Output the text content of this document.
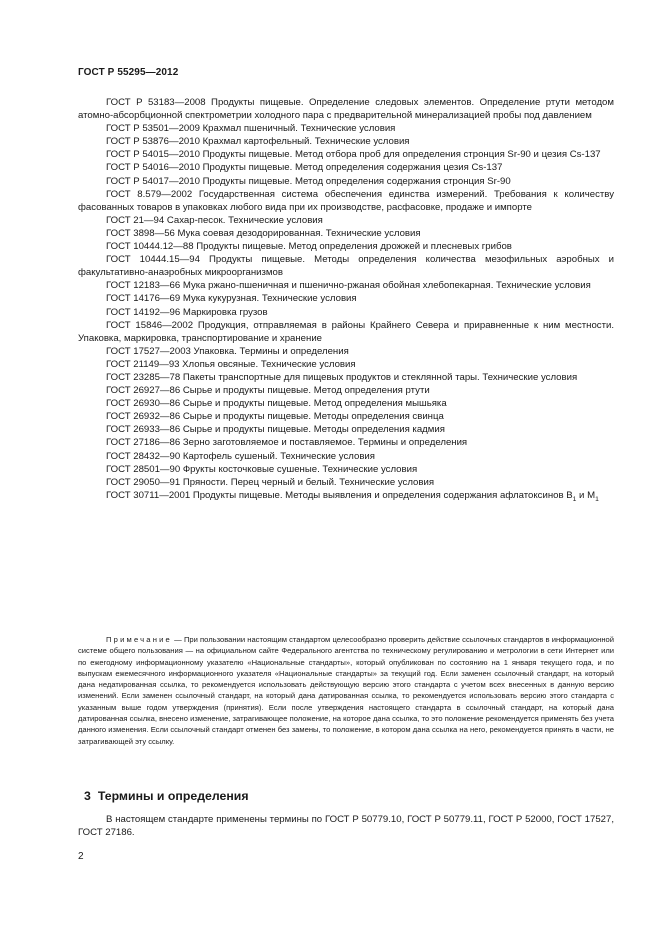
ГОСТ Р 55295—2012

ГОСТ Р 53183—2008 Продукты пищевые. Определение следовых элементов. Определение ртути методом атомно-абсорбционной спектрометрии холодного пара с предварительной минерализацией пробы под давлением

ГОСТ Р 53501—2009 Крахмал пшеничный. Технические условия

ГОСТ Р 53876—2010 Крахмал картофельный. Технические условия

ГОСТ Р 54015—2010 Продукты пищевые. Метод отбора проб для определения стронция Sr-90 и цезия Cs-137

ГОСТ Р 54016—2010 Продукты пищевые. Метод определения содержания цезия Cs-137

ГОСТ Р 54017—2010 Продукты пищевые. Метод определения содержания стронция Sr-90

ГОСТ 8.579—2002 Государственная система обеспечения единства измерений. Требования к количеству фасованных товаров в упаковках любого вида при их производстве, расфасовке, продаже и импорте

ГОСТ 21—94 Сахар-песок. Технические условия

ГОСТ 3898—56 Мука соевая дезодорированная. Технические условия

ГОСТ 10444.12—88 Продукты пищевые. Метод определения дрожжей и плесневых грибов

ГОСТ 10444.15—94 Продукты пищевые. Методы определения количества мезофильных аэробных и факультативно-анаэробных микроорганизмов

ГОСТ 12183—66 Мука ржано-пшеничная и пшенично-ржаная обойная хлебопекарная. Технические условия

ГОСТ 14176—69 Мука кукурузная. Технические условия

ГОСТ 14192—96 Маркировка грузов

ГОСТ 15846—2002 Продукция, отправляемая в районы Крайнего Севера и приравненные к ним местности. Упаковка, маркировка, транспортирование и хранение

ГОСТ 17527—2003 Упаковка. Термины и определения

ГОСТ 21149—93 Хлопья овсяные. Технические условия

ГОСТ 23285—78 Пакеты транспортные для пищевых продуктов и стеклянной тары. Технические условия

ГОСТ 26927—86 Сырье и продукты пищевые. Метод определения ртути

ГОСТ 26930—86 Сырье и продукты пищевые. Метод определения мышьяка

ГОСТ 26932—86 Сырье и продукты пищевые. Методы определения свинца

ГОСТ 26933—86 Сырье и продукты пищевые. Методы определения кадмия

ГОСТ 27186—86 Зерно заготовляемое и поставляемое. Термины и определения

ГОСТ 28432—90 Картофель сушеный. Технические условия

ГОСТ 28501—90 Фрукты косточковые сушеные. Технические условия

ГОСТ 29050—91 Пряности. Перец черный и белый. Технические условия

ГОСТ 30711—2001 Продукты пищевые. Методы выявления и определения содержания афлатоксинов $B_1$ и $M_1$

Примечание — При пользовании настоящим стандартом целесообразно проверить действие ссылочных стандартов в информационной системе общего пользования — на официальном сайте Федерального агентства по техническому регулированию и метрологии в сети Интернет или по ежегодному информационному указателю «Национальные стандарты», который опубликован по состоянию на 1 января текущего года, и по выпускам ежемесячного информационного указателя «Национальные стандарты» за текущий год. Если заменен ссылочный стандарт, на который дана недатированная ссылка, то рекомендуется использовать действующую версию этого стандарта с учетом всех внесенных в данную версию изменений. Если заменен ссылочный стандарт, на который дана датированная ссылка, то рекомендуется использовать версию этого стандарта с указанным выше годом утверждения (принятия). Если после утверждения настоящего стандарта в ссылочный стандарт, на который дана датированная ссылка, внесено изменение, затрагивающее положение, на которое дана ссылка, то это положение рекомендуется применять без учета данного изменения. Если ссылочный стандарт отменен без замены, то положение, в котором дана ссылка на него, рекомендуется принять в части, не затрагивающей эту ссылку.

3 Термины и определения

В настоящем стандарте применены термины по ГОСТ Р 50779.10, ГОСТ Р 50779.11, ГОСТ Р 52000, ГОСТ 17527, ГОСТ 27186.

2
